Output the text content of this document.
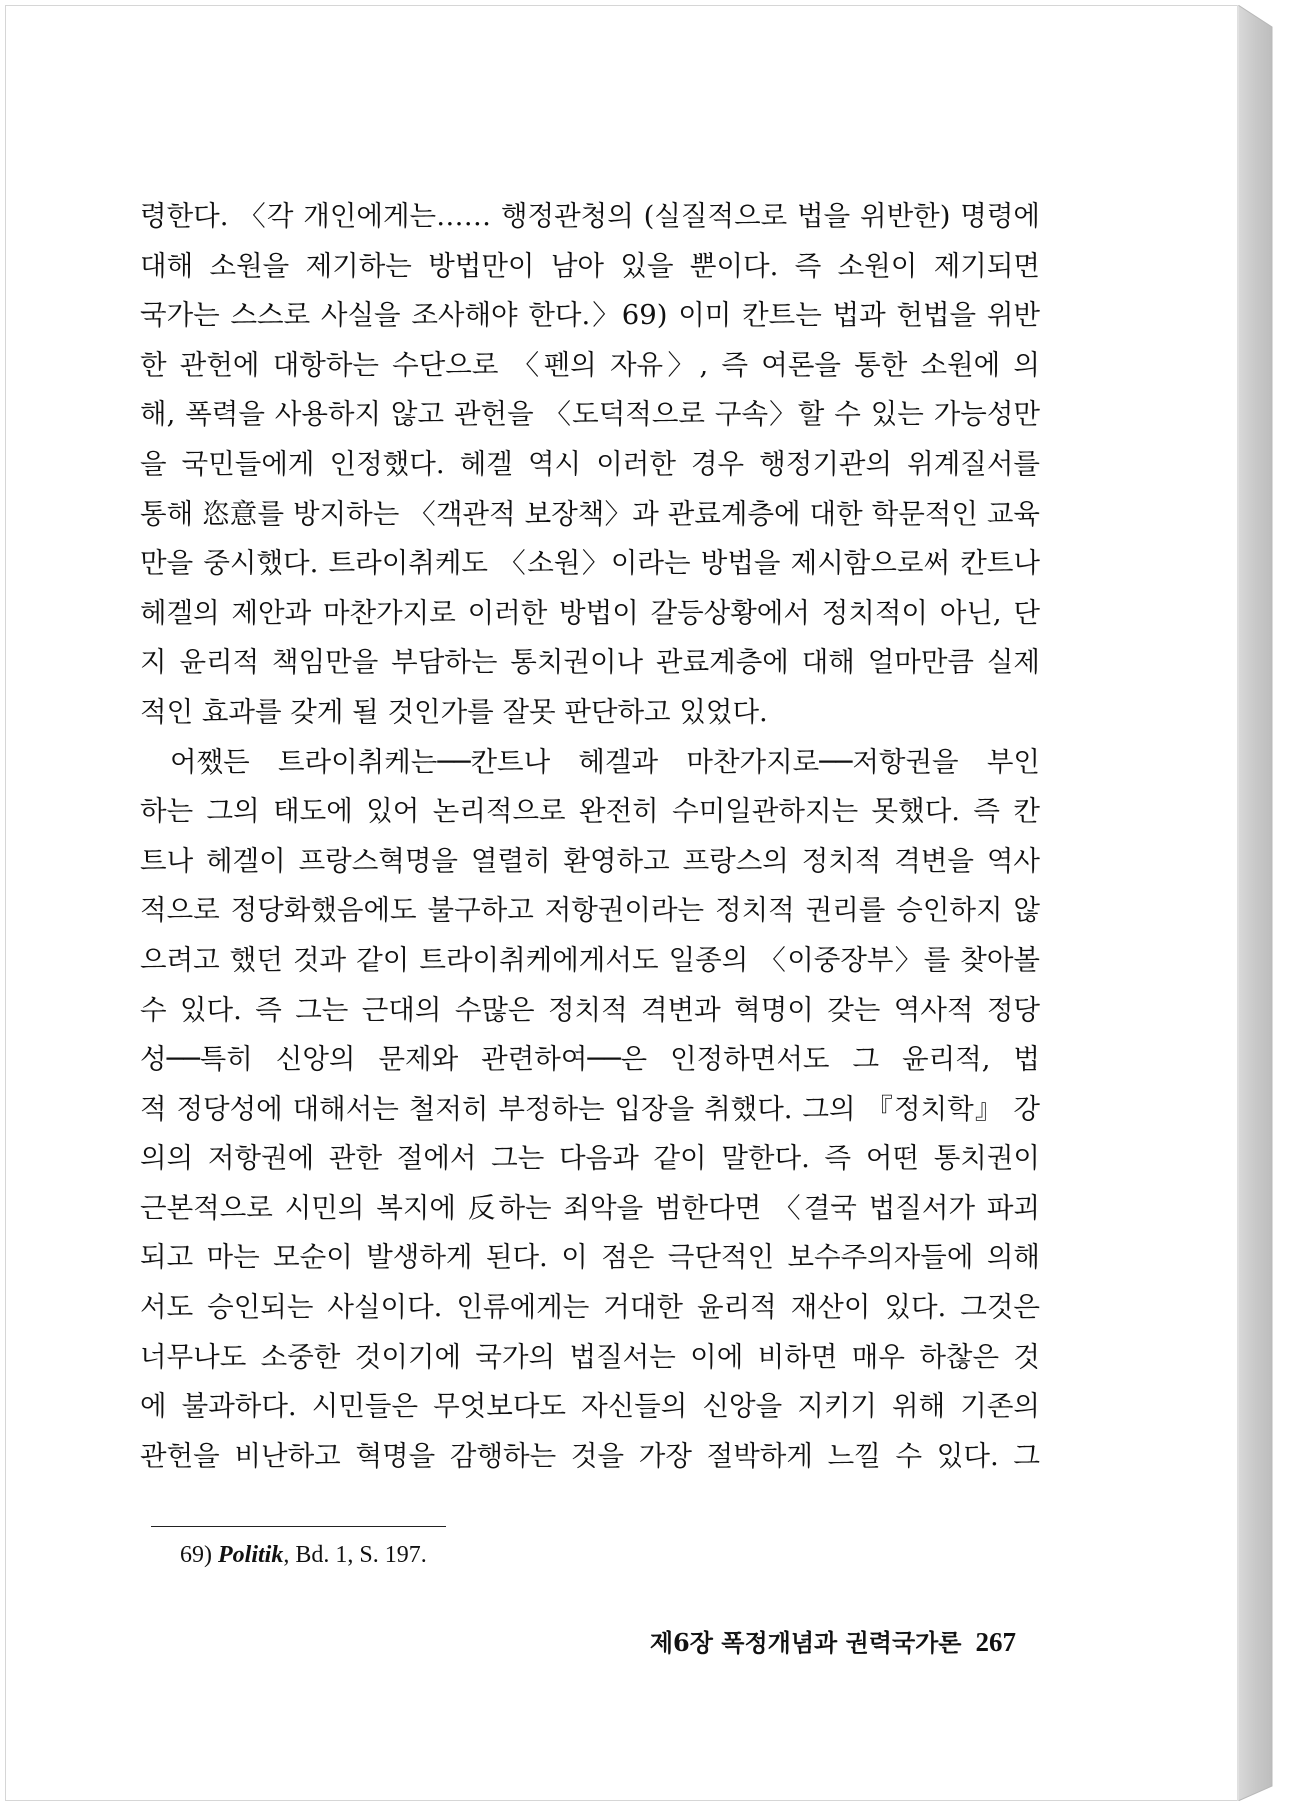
령한다. 〈각 개인에게는…… 행정관청의 (실질적으로 법을 위반한) 명령에
대해 소원을 제기하는 방법만이 남아 있을 뿐이다. 즉 소원이 제기되면
국가는 스스로 사실을 조사해야 한다.〉69) 이미 칸트는 법과 헌법을 위반
한 관헌에 대항하는 수단으로 〈펜의 자유〉, 즉 여론을 통한 소원에 의
해, 폭력을 사용하지 않고 관헌을 〈도덕적으로 구속〉할 수 있는 가능성만
을 국민들에게 인정했다. 헤겔 역시 이러한 경우 행정기관의 위계질서를
통해 恣意를 방지하는 〈객관적 보장책〉과 관료계층에 대한 학문적인 교육
만을 중시했다. 트라이취케도 〈소원〉이라는 방법을 제시함으로써 칸트나
헤겔의 제안과 마찬가지로 이러한 방법이 갈등상황에서 정치적이 아닌, 단
지 윤리적 책임만을 부담하는 통치권이나 관료계층에 대해 얼마만큼 실제
적인 효과를 갖게 될 것인가를 잘못 판단하고 있었다.
어쨌든 트라이취케는──칸트나 헤겔과 마찬가지로──저항권을 부인
하는 그의 태도에 있어 논리적으로 완전히 수미일관하지는 못했다. 즉 칸
트나 헤겔이 프랑스혁명을 열렬히 환영하고 프랑스의 정치적 격변을 역사
적으로 정당화했음에도 불구하고 저항권이라는 정치적 권리를 승인하지 않
으려고 했던 것과 같이 트라이취케에게서도 일종의 〈이중장부〉를 찾아볼
수 있다. 즉 그는 근대의 수많은 정치적 격변과 혁명이 갖는 역사적 정당
성──특히 신앙의 문제와 관련하여──은 인정하면서도 그 윤리적, 법
적 정당성에 대해서는 철저히 부정하는 입장을 취했다. 그의 『정치학』 강
의의 저항권에 관한 절에서 그는 다음과 같이 말한다. 즉 어떤 통치권이
근본적으로 시민의 복지에 反하는 죄악을 범한다면 〈결국 법질서가 파괴
되고 마는 모순이 발생하게 된다. 이 점은 극단적인 보수주의자들에 의해
서도 승인되는 사실이다. 인류에게는 거대한 윤리적 재산이 있다. 그것은
너무나도 소중한 것이기에 국가의 법질서는 이에 비하면 매우 하찮은 것
에 불과하다. 시민들은 무엇보다도 자신들의 신앙을 지키기 위해 기존의
관헌을 비난하고 혁명을 감행하는 것을 가장 절박하게 느낄 수 있다. 그
69) Politik, Bd. 1, S. 197.
제6장 폭정개념과 권력국가론 267
